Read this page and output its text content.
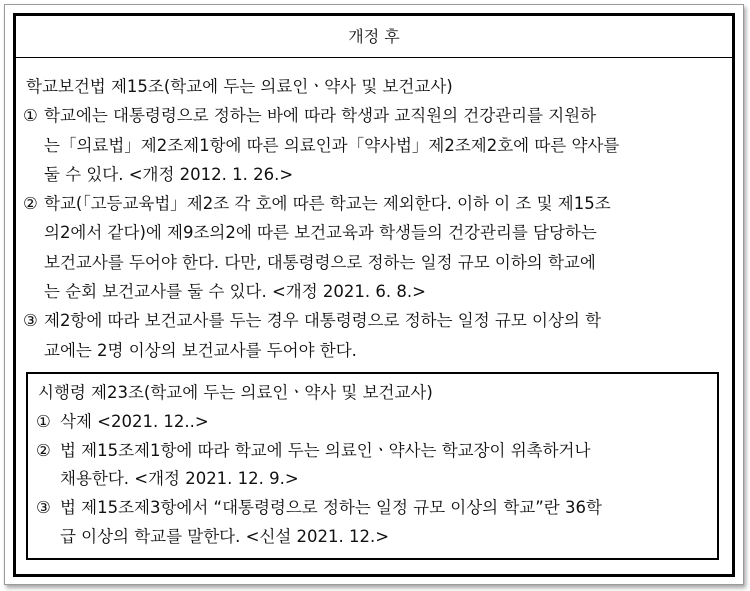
개정 후
학교보건법 제15조(학교에 두는 의료인ㆍ약사 및 보건교사)
① 학교에는 대통령령으로 정하는 바에 따라 학생과 교직원의 건강관리를 지원하
는「의료법」제2조제1항에 따른 의료인과「약사법」제2조제2호에 따른 약사를
둘 수 있다. <개정 2012. 1. 26.>
② 학교(「고등교육법」제2조 각 호에 따른 학교는 제외한다. 이하 이 조 및 제15조
의2에서 같다)에 제9조의2에 따른 보건교육과 학생들의 건강관리를 담당하는
보건교사를 두어야 한다. 다만, 대통령령으로 정하는 일정 규모 이하의 학교에
는 순회 보건교사를 둘 수 있다. <개정 2021. 6. 8.>
③ 제2항에 따라 보건교사를 두는 경우 대통령령으로 정하는 일정 규모 이상의 학
교에는 2명 이상의 보건교사를 두어야 한다.
시행령 제23조(학교에 두는 의료인ㆍ약사 및 보건교사)
① 삭제 <2021. 12..>
② 법 제15조제1항에 따라 학교에 두는 의료인ㆍ약사는 학교장이 위촉하거나
채용한다. <개정 2021. 12. 9.>
③ 법 제15조제3항에서 “대통령령으로 정하는 일정 규모 이상의 학교”란 36학
급 이상의 학교를 말한다. <신설 2021. 12.>
